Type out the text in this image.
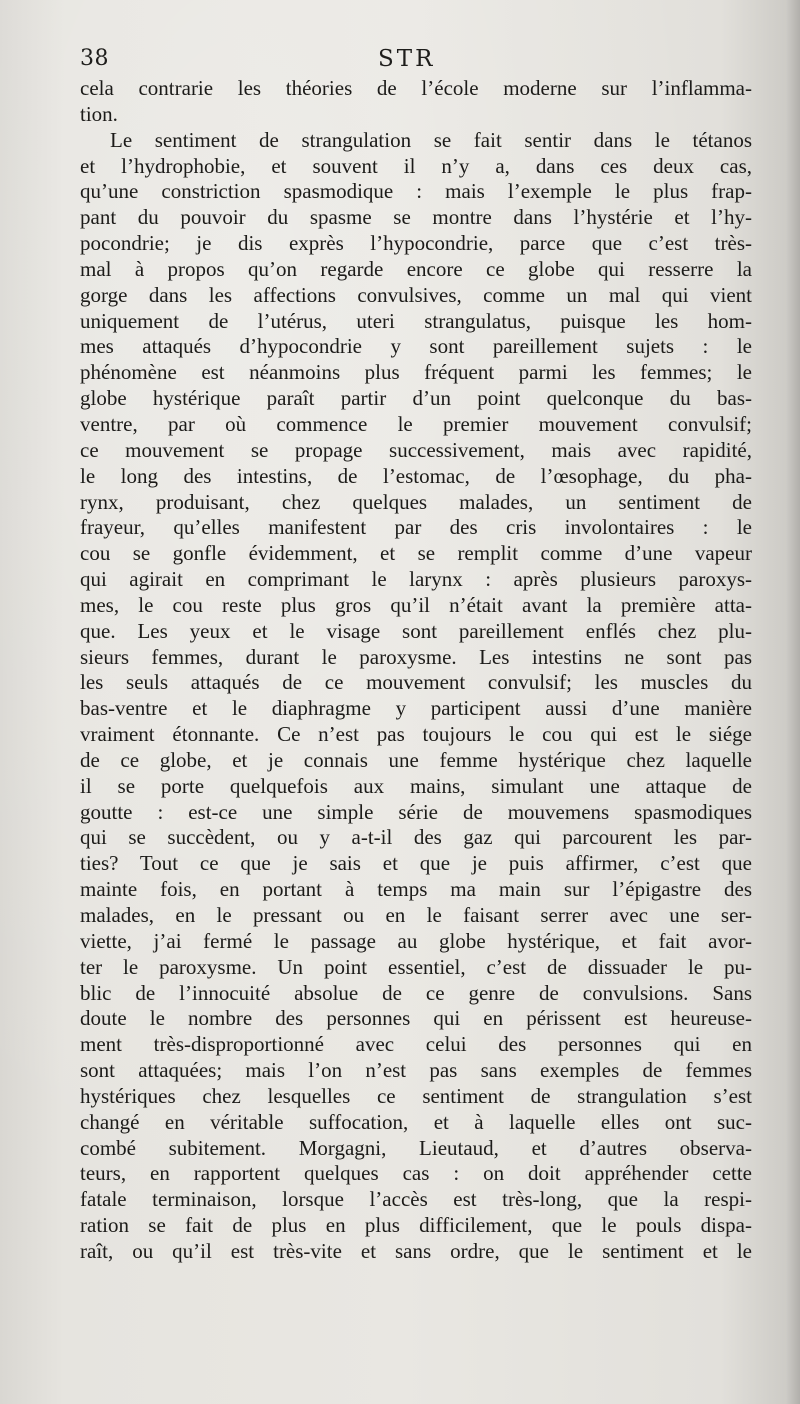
38	STR
cela contrarie les théories de l’école moderne sur l’inflamma-
tion.
Le sentiment de strangulation se fait sentir dans le tétanos
et l’hydrophobie, et souvent il n’y a, dans ces deux cas,
qu’une constriction spasmodique : mais l’exemple le plus frap-
pant du pouvoir du spasme se montre dans l’hystérie et l’hy-
pocondrie; je dis exprès l’hypocondrie, parce que c’est très-
mal à propos qu’on regarde encore ce globe qui resserre la
gorge dans les affections convulsives, comme un mal qui vient
uniquement de l’utérus, uteri strangulatus, puisque les hom-
mes attaqués d’hypocondrie y sont pareillement sujets : le
phénomène est néanmoins plus fréquent parmi les femmes; le
globe hystérique paraît partir d’un point quelconque du bas-
ventre, par où commence le premier mouvement convulsif;
ce mouvement se propage successivement, mais avec rapidité,
le long des intestins, de l’estomac, de l’œsophage, du pha-
rynx, produisant, chez quelques malades, un sentiment de
frayeur, qu’elles manifestent par des cris involontaires : le
cou se gonfle évidemment, et se remplit comme d’une vapeur
qui agirait en comprimant le larynx : après plusieurs paroxys-
mes, le cou reste plus gros qu’il n’était avant la première atta-
que. Les yeux et le visage sont pareillement enflés chez plu-
sieurs femmes, durant le paroxysme. Les intestins ne sont pas
les seuls attaqués de ce mouvement convulsif; les muscles du
bas-ventre et le diaphragme y participent aussi d’une manière
vraiment étonnante. Ce n’est pas toujours le cou qui est le siége
de ce globe, et je connais une femme hystérique chez laquelle
il se porte quelquefois aux mains, simulant une attaque de
goutte : est-ce une simple série de mouvemens spasmodiques
qui se succèdent, ou y a-t-il des gaz qui parcourent les par-
ties? Tout ce que je sais et que je puis affirmer, c’est que
mainte fois, en portant à temps ma main sur l’épigastre des
malades, en le pressant ou en le faisant serrer avec une ser-
viette, j’ai fermé le passage au globe hystérique, et fait avor-
ter le paroxysme. Un point essentiel, c’est de dissuader le pu-
blic de l’innocuité absolue de ce genre de convulsions. Sans
doute le nombre des personnes qui en périssent est heureuse-
ment très-disproportionné avec celui des personnes qui en
sont attaquées; mais l’on n’est pas sans exemples de femmes
hystériques chez lesquelles ce sentiment de strangulation s’est
changé en véritable suffocation, et à laquelle elles ont suc-
combé subitement. Morgagni, Lieutaud, et d’autres observa-
teurs, en rapportent quelques cas : on doit appréhender cette
fatale terminaison, lorsque l’accès est très-long, que la respi-
ration se fait de plus en plus difficilement, que le pouls dispa-
raît, ou qu’il est très-vite et sans ordre, que le sentiment et le
